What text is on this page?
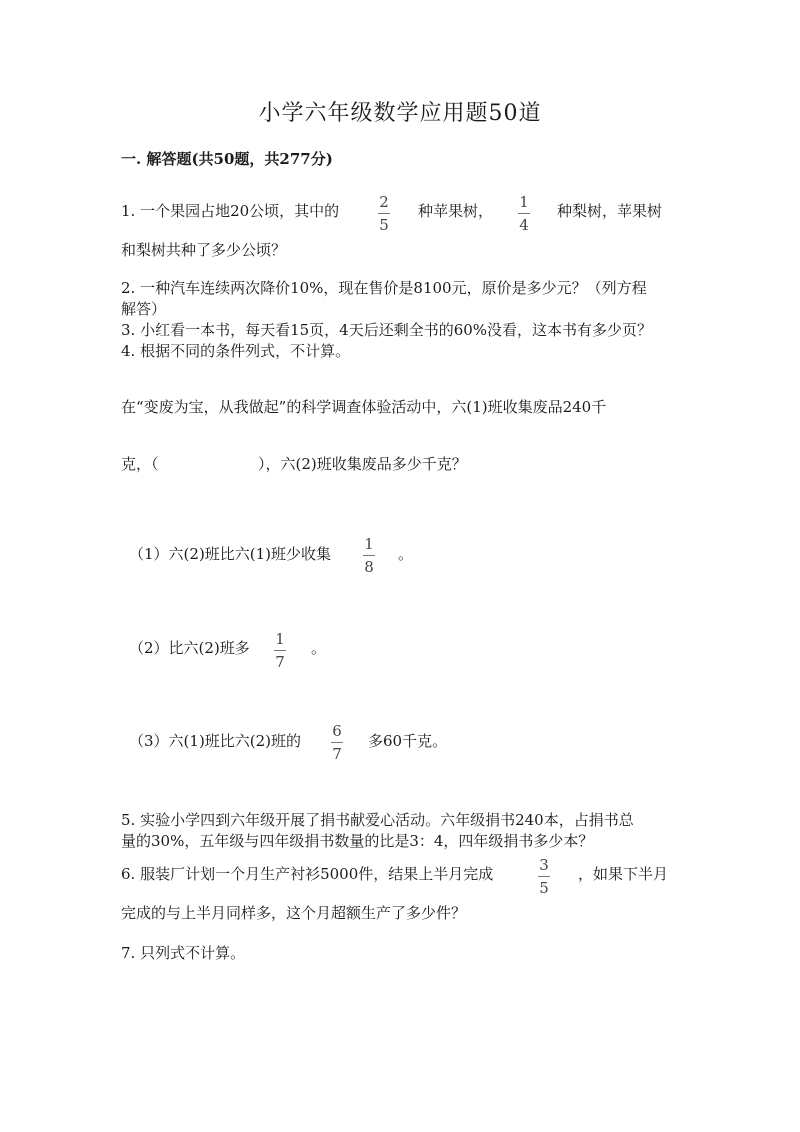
小学六年级数学应用题50道
一. 解答题(共50题，共277分)
1. 一个果园占地20公顷，其中的	2
5
种苹果树， 1
4
种梨树，苹果树
和梨树共种了多少公顷？
2. 一种汽车连续两次降价10%，现在售价是8100元，原价是多少元？（列方程
解答）
3. 小红看一本书，每天看15页，4天后还剩全书的60%没看，这本书有多少页？
4. 根据不同的条件列式，不计算。
在“变废为宝，从我做起”的科学调查体验活动中，六(1)班收集废品240千
克，（	），六(2)班收集废品多少千克？
（1）六(2)班比六(1)班少收集
1
8
。
（2）比六(2)班多 1
7
。
（3）六(1)班比六(2)班的
6
7
多60千克。
5. 实验小学四到六年级开展了捐书献爱心活动。六年级捐书240本，占捐书总
量的30%，五年级与四年级捐书数量的比是3：4，四年级捐书多少本？
6. 服装厂计划一个月生产衬衫5000件，结果上半月完成	3
5
，如果下半月
完成的与上半月同样多，这个月超额生产了多少件？
7. 只列式不计算。
